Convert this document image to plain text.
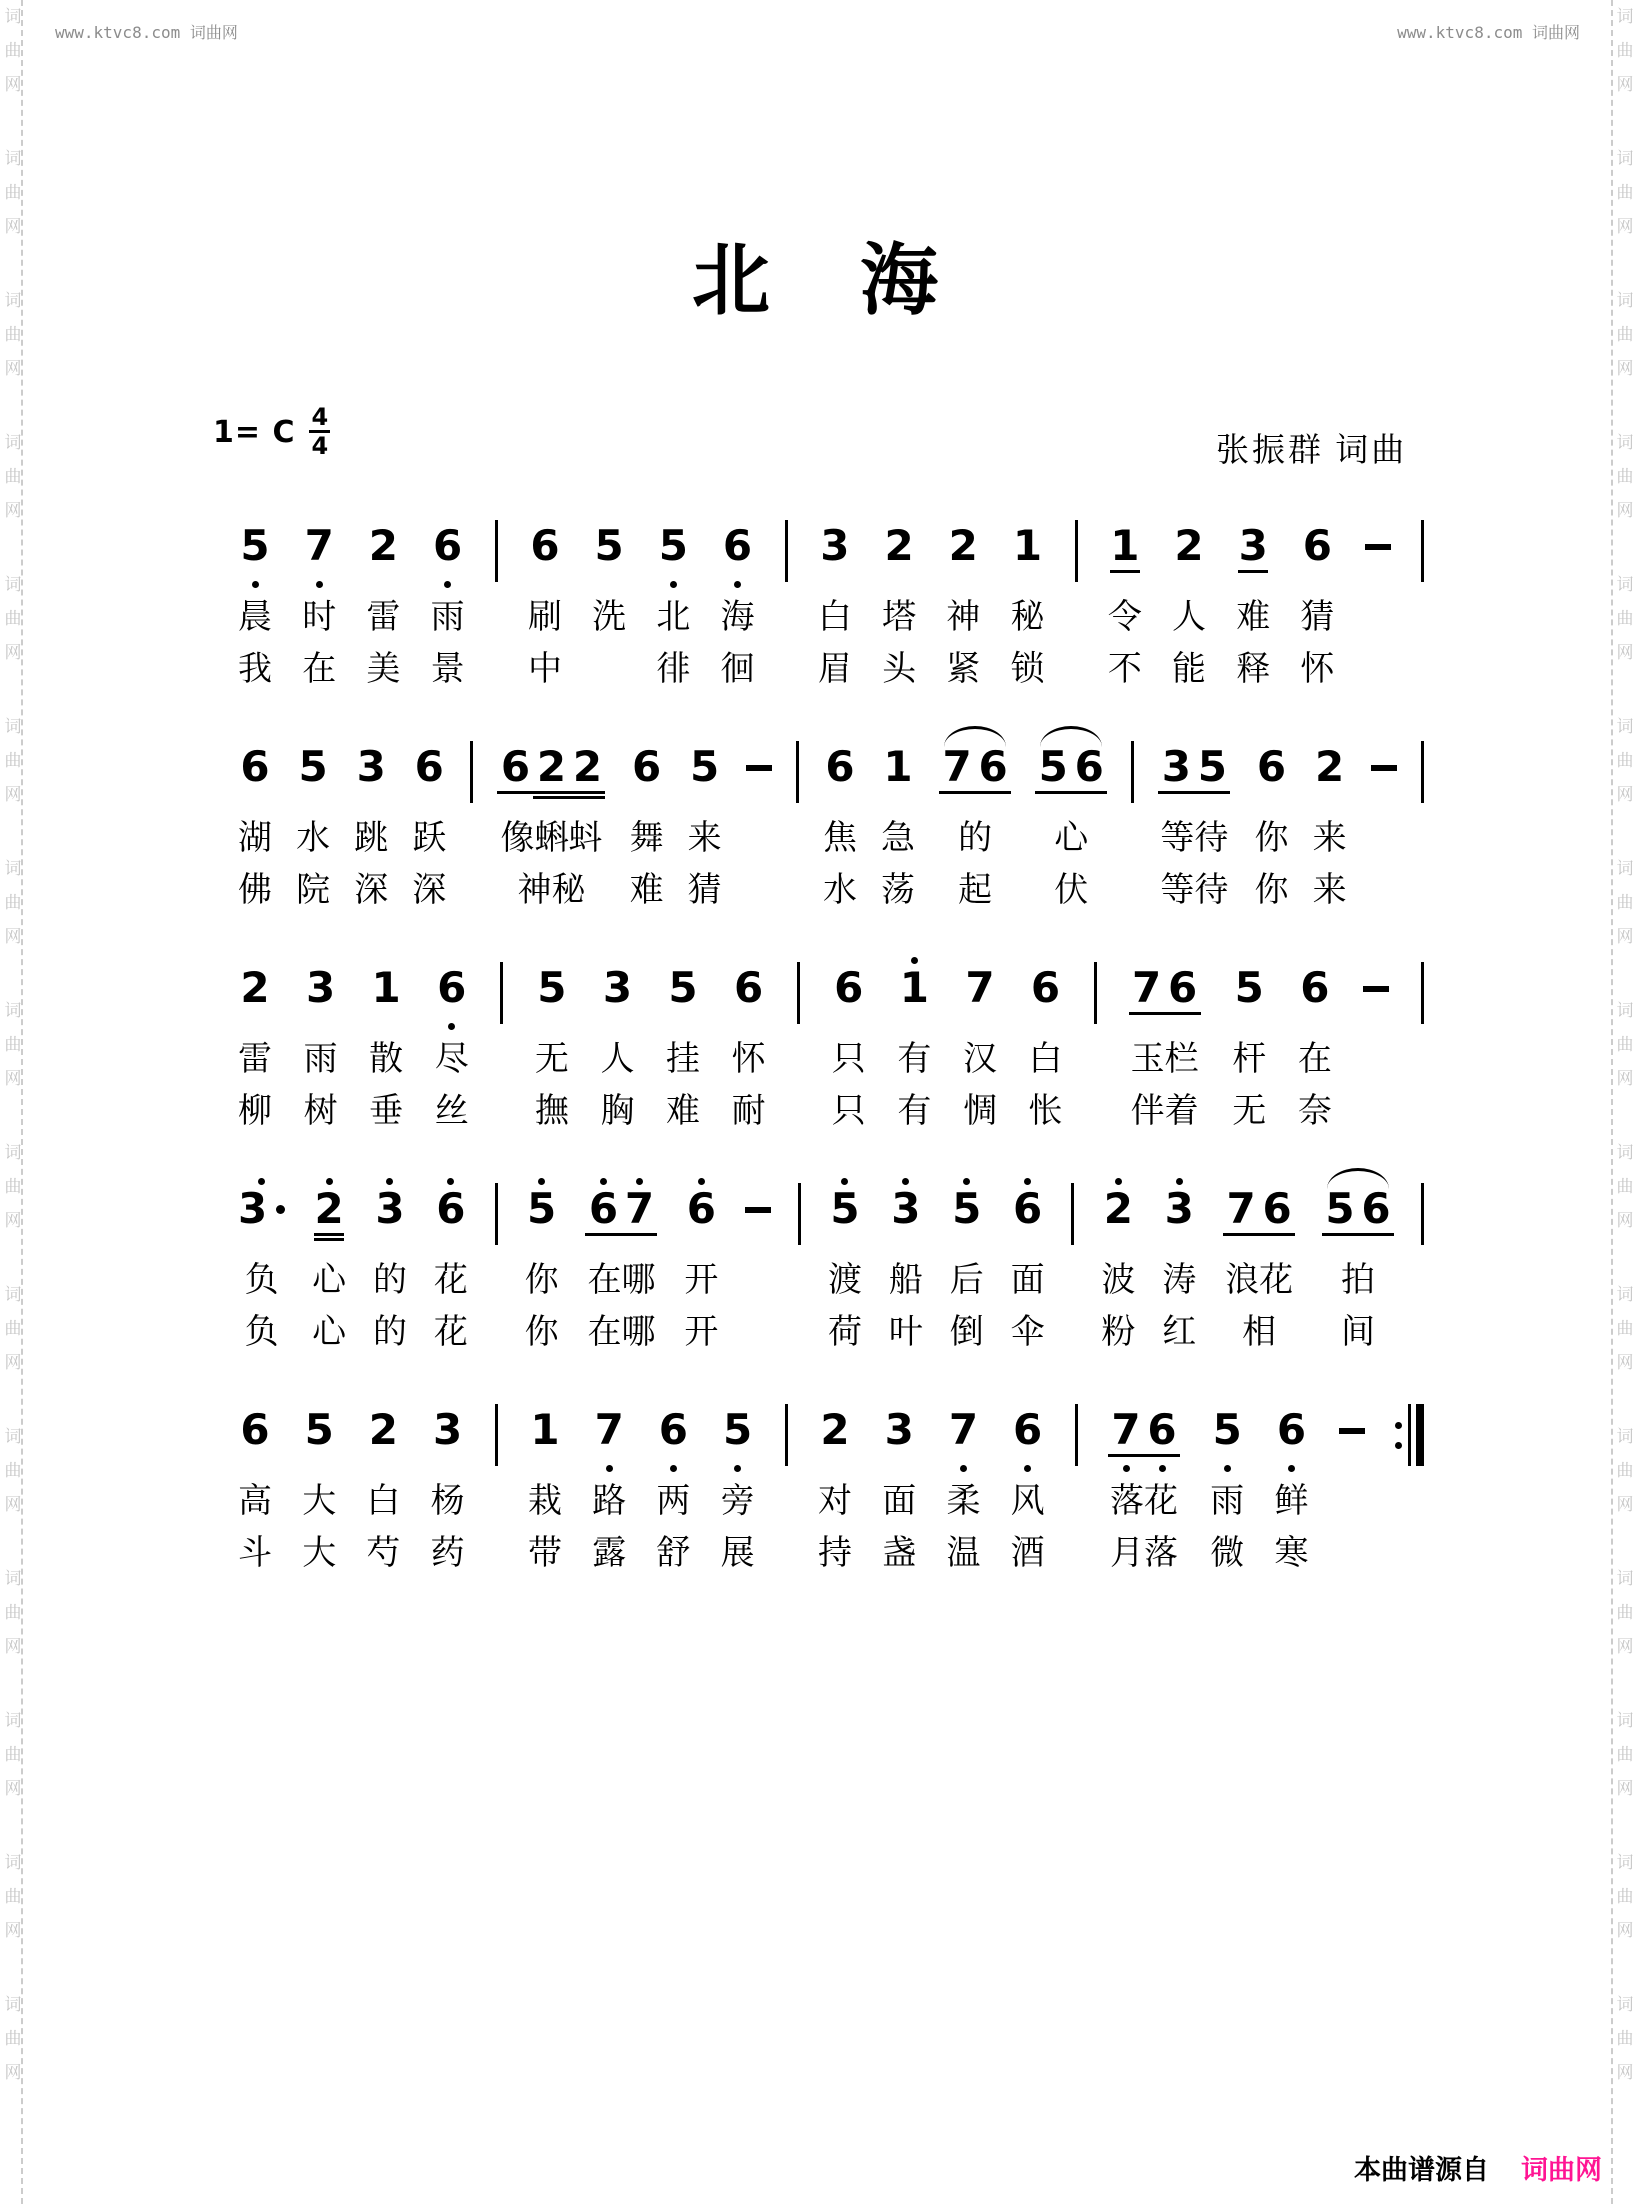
词
曲
网
词
曲
网
词
曲
网
词
曲
网
词
曲
网
词
曲
网
词
曲
网
词
曲
网
词
曲
网
词
曲
网
词
曲
网
词
曲
网
词
曲
网
词
曲
网
词
曲
网
词
曲
网
词
曲
网
词
曲
网
词
曲
网
词
曲
网
词
曲
网
词
曲
网
词
曲
网
词
曲
网
词
曲
网
词
曲
网
词
曲
网
词
曲
网
词
曲
网
词
曲
网
www.ktvc8.com 词曲网	www.ktvc8.com 词曲网
北　海
1= C $\frac{4}{4}$	张振群 词曲
5
晨
我
7
时
在
2
雷
美
6
雨
景
6
刷
中
5
洗
5
北
徘
6
海
徊
3
白
眉
2
塔
头
2
神
紧
1
秘
锁
1
令
不
2
人
能
3
难
释
6
猜
怀
6
湖
佛
5
水
院
3
跳
深
6
跃
深
6 2 2
像蝌蚪
神秘
6
舞
难
5
来
猜
6
焦
水
1
急
荡
7 6
的
起
5 6
心
伏
3 5
等待
等待
6
你
你
2
来
来
2
雷
柳
3
雨
树
1
散
垂
6
尽
丝
5
无
撫
3
人
胸
5
挂
难
6
怀
耐
6
只
只
1
有
有
7
汉
惆
6
白
怅
7 6
玉栏
伴着
5
杆
无
6
在
奈
3
负
负
2
心
心
3
的
的
6
花
花
5
你
你
6 7
在哪
在哪
6
开
开
5
渡
荷
3
船
叶
5
后
倒
6
面
伞
2
波
粉
3
涛
红
7 6
浪花
相
5 6
拍
间
6
高
斗
5
大
大
2
白
芍
3
杨
药
1
栽
带
7
路
露
6
两
舒
5
旁
展
2
对
持
3
面
盏
7
柔
温
6
风
酒
7 6
落花
月落
5
雨
微
6
鲜
寒
本曲谱源自 词曲网
